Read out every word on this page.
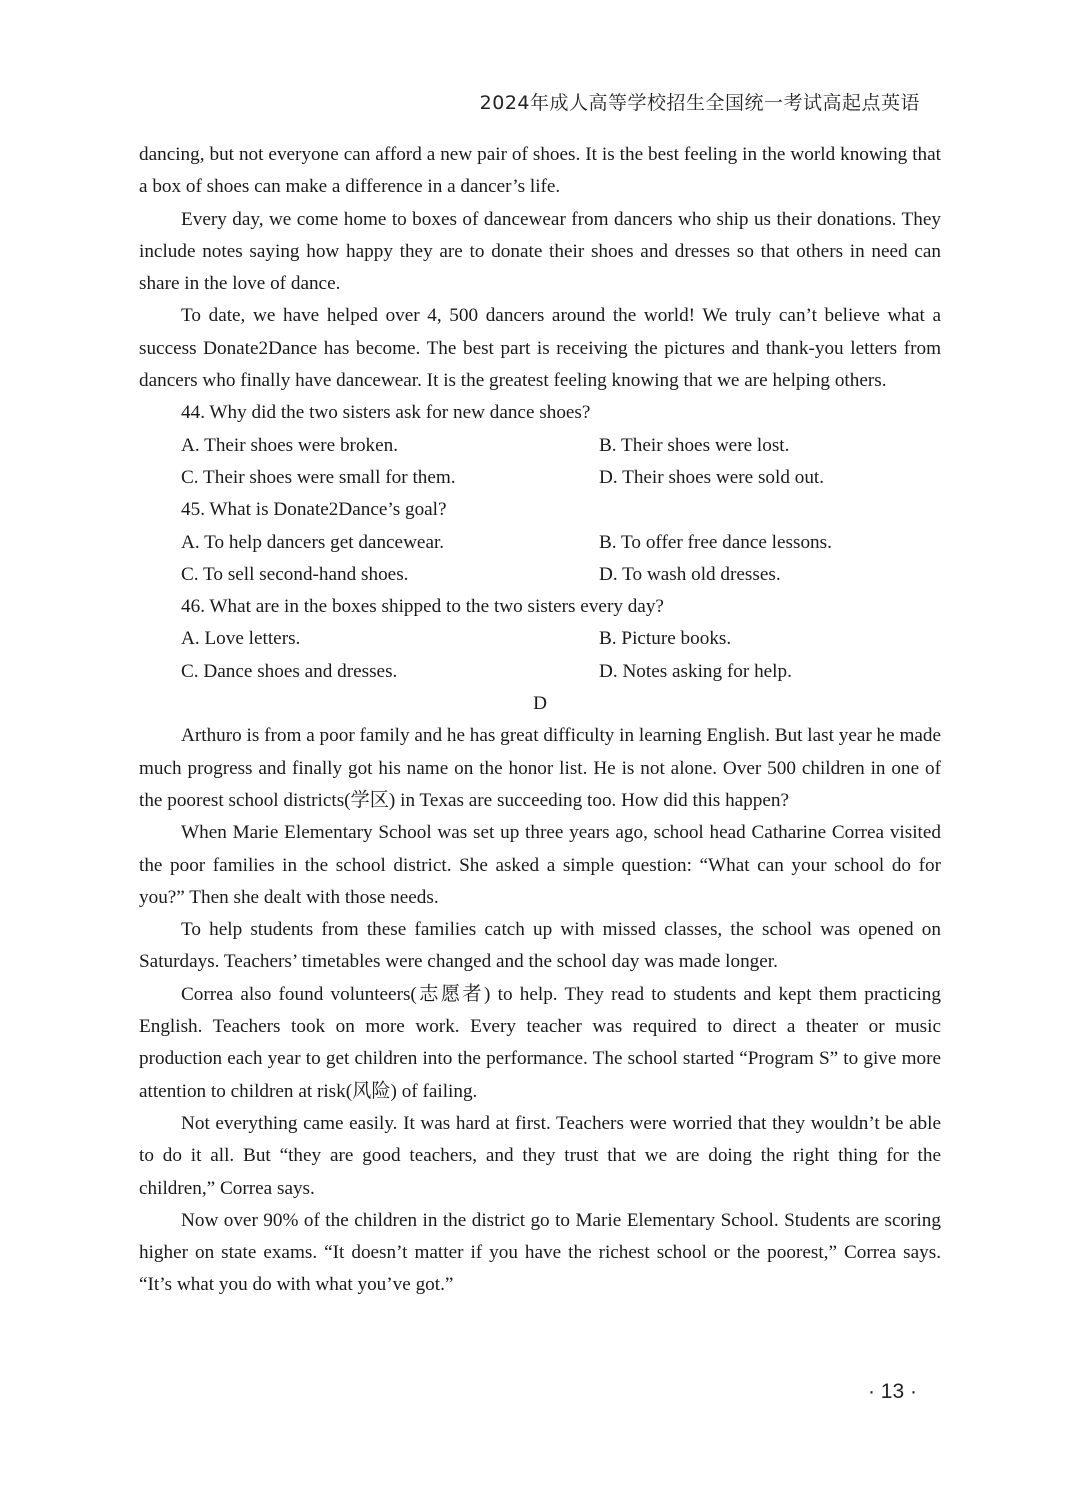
2024年成人高等学校招生全国统一考试高起点英语

dancing, but not everyone can afford a new pair of shoes. It is the best feeling in the world knowing that a box of shoes can make a difference in a dancer’s life.

Every day, we come home to boxes of dancewear from dancers who ship us their donations. They include notes saying how happy they are to donate their shoes and dresses so that others in need can share in the love of dance.

To date, we have helped over 4, 500 dancers around the world! We truly can’t believe what a success Donate2Dance has become. The best part is receiving the pictures and thank-you letters from dancers who finally have dancewear. It is the greatest feeling knowing that we are helping others.

44. Why did the two sisters ask for new dance shoes?

A. Their shoes were broken.	B. Their shoes were lost.

C. Their shoes were small for them.	D. Their shoes were sold out.

45. What is Donate2Dance’s goal?

A. To help dancers get dancewear.	B. To offer free dance lessons.

C. To sell second-hand shoes.	D. To wash old dresses.

46. What are in the boxes shipped to the two sisters every day?

A. Love letters.	B. Picture books.

C. Dance shoes and dresses.	D. Notes asking for help.

D

Arthuro is from a poor family and he has great difficulty in learning English. But last year he made much progress and finally got his name on the honor list. He is not alone. Over 500 children in one of the poorest school districts(学区) in Texas are succeeding too. How did this happen?

When Marie Elementary School was set up three years ago, school head Catharine Correa visited the poor families in the school district. She asked a simple question: “What can your school do for you?” Then she dealt with those needs.

To help students from these families catch up with missed classes, the school was opened on Saturdays. Teachers’ timetables were changed and the school day was made longer.

Correa also found volunteers(志愿者) to help. They read to students and kept them practicing English. Teachers took on more work. Every teacher was required to direct a theater or music production each year to get children into the performance. The school started “Program S” to give more attention to children at risk(风险) of failing.

Not everything came easily. It was hard at first. Teachers were worried that they wouldn’t be able to do it all. But “they are good teachers, and they trust that we are doing the right thing for the children,” Correa says.

Now over 90% of the children in the district go to Marie Elementary School. Students are scoring higher on state exams. “It doesn’t matter if you have the richest school or the poorest,” Correa says. “It’s what you do with what you’ve got.”

· 13 ·
